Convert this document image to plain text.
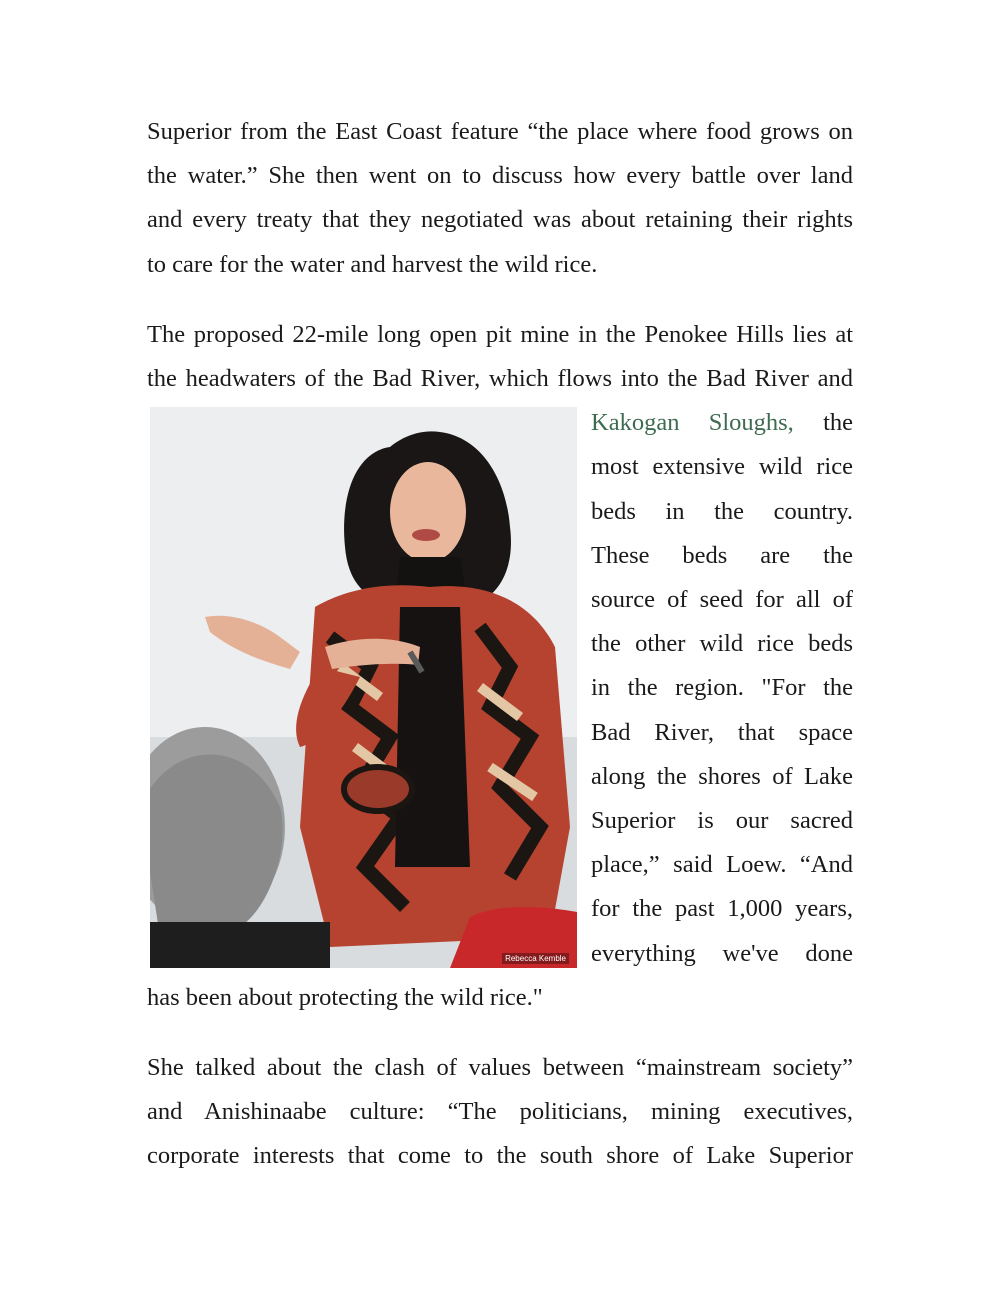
Superior from the East Coast feature “the place where food grows on
the water.” She then went on to discuss how every battle over land
and every treaty that they negotiated was about retaining their rights
to care for the water and harvest the wild rice.

The proposed 22-mile long open pit mine in the Penokee Hills lies at
the headwaters of the Bad River, which flows into the Bad River and

Rebecca Kemble

Kakogan Sloughs, the
most extensive wild rice
beds in the country.
These beds are the
source of seed for all of
the other wild rice beds
in the region. "For the
Bad River, that space
along the shores of Lake
Superior is our sacred
place,” said Loew. “And
for the past 1,000 years,
everything we've done

has been about protecting the wild rice."

She talked about the clash of values between “mainstream society”
and Anishinaabe culture: “The politicians, mining executives,
corporate interests that come to the south shore of Lake Superior
